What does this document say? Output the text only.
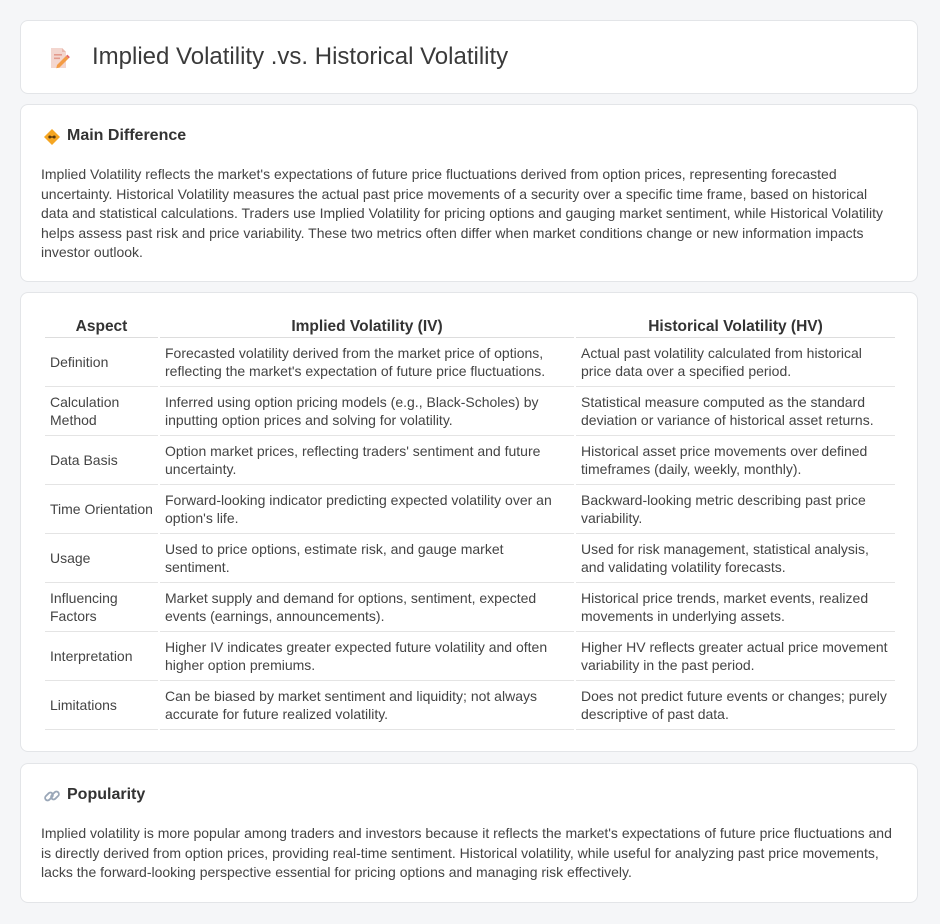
Implied Volatility .vs. Historical Volatility
Main Difference

Implied Volatility reflects the market's expectations of future price fluctuations derived from option prices, representing forecasted uncertainty. Historical Volatility measures the actual past price movements of a security over a specific time frame, based on historical data and statistical calculations. Traders use Implied Volatility for pricing options and gauging market sentiment, while Historical Volatility helps assess past risk and price variability. These two metrics often differ when market conditions change or new information impacts investor outlook.

Aspect	Implied Volatility (IV)	Historical Volatility (HV)
Definition	Forecasted volatility derived from the market price of options, reflecting the market's expectation of future price fluctuations.	Actual past volatility calculated from historical price data over a specified period.
Calculation Method	Inferred using option pricing models (e.g., Black-Scholes) by inputting option prices and solving for volatility.	Statistical measure computed as the standard deviation or variance of historical asset returns.
Data Basis	Option market prices, reflecting traders' sentiment and future uncertainty.	Historical asset price movements over defined timeframes (daily, weekly, monthly).
Time Orientation	Forward-looking indicator predicting expected volatility over an option's life.	Backward-looking metric describing past price variability.
Usage	Used to price options, estimate risk, and gauge market sentiment.	Used for risk management, statistical analysis, and validating volatility forecasts.
Influencing Factors	Market supply and demand for options, sentiment, expected events (earnings, announcements).	Historical price trends, market events, realized movements in underlying assets.
Interpretation	Higher IV indicates greater expected future volatility and often higher option premiums.	Higher HV reflects greater actual price movement variability in the past period.
Limitations	Can be biased by market sentiment and liquidity; not always accurate for future realized volatility.	Does not predict future events or changes; purely descriptive of past data.
Popularity

Implied volatility is more popular among traders and investors because it reflects the market's expectations of future price fluctuations and is directly derived from option prices, providing real-time sentiment. Historical volatility, while useful for analyzing past price movements, lacks the forward-looking perspective essential for pricing options and managing risk effectively.
